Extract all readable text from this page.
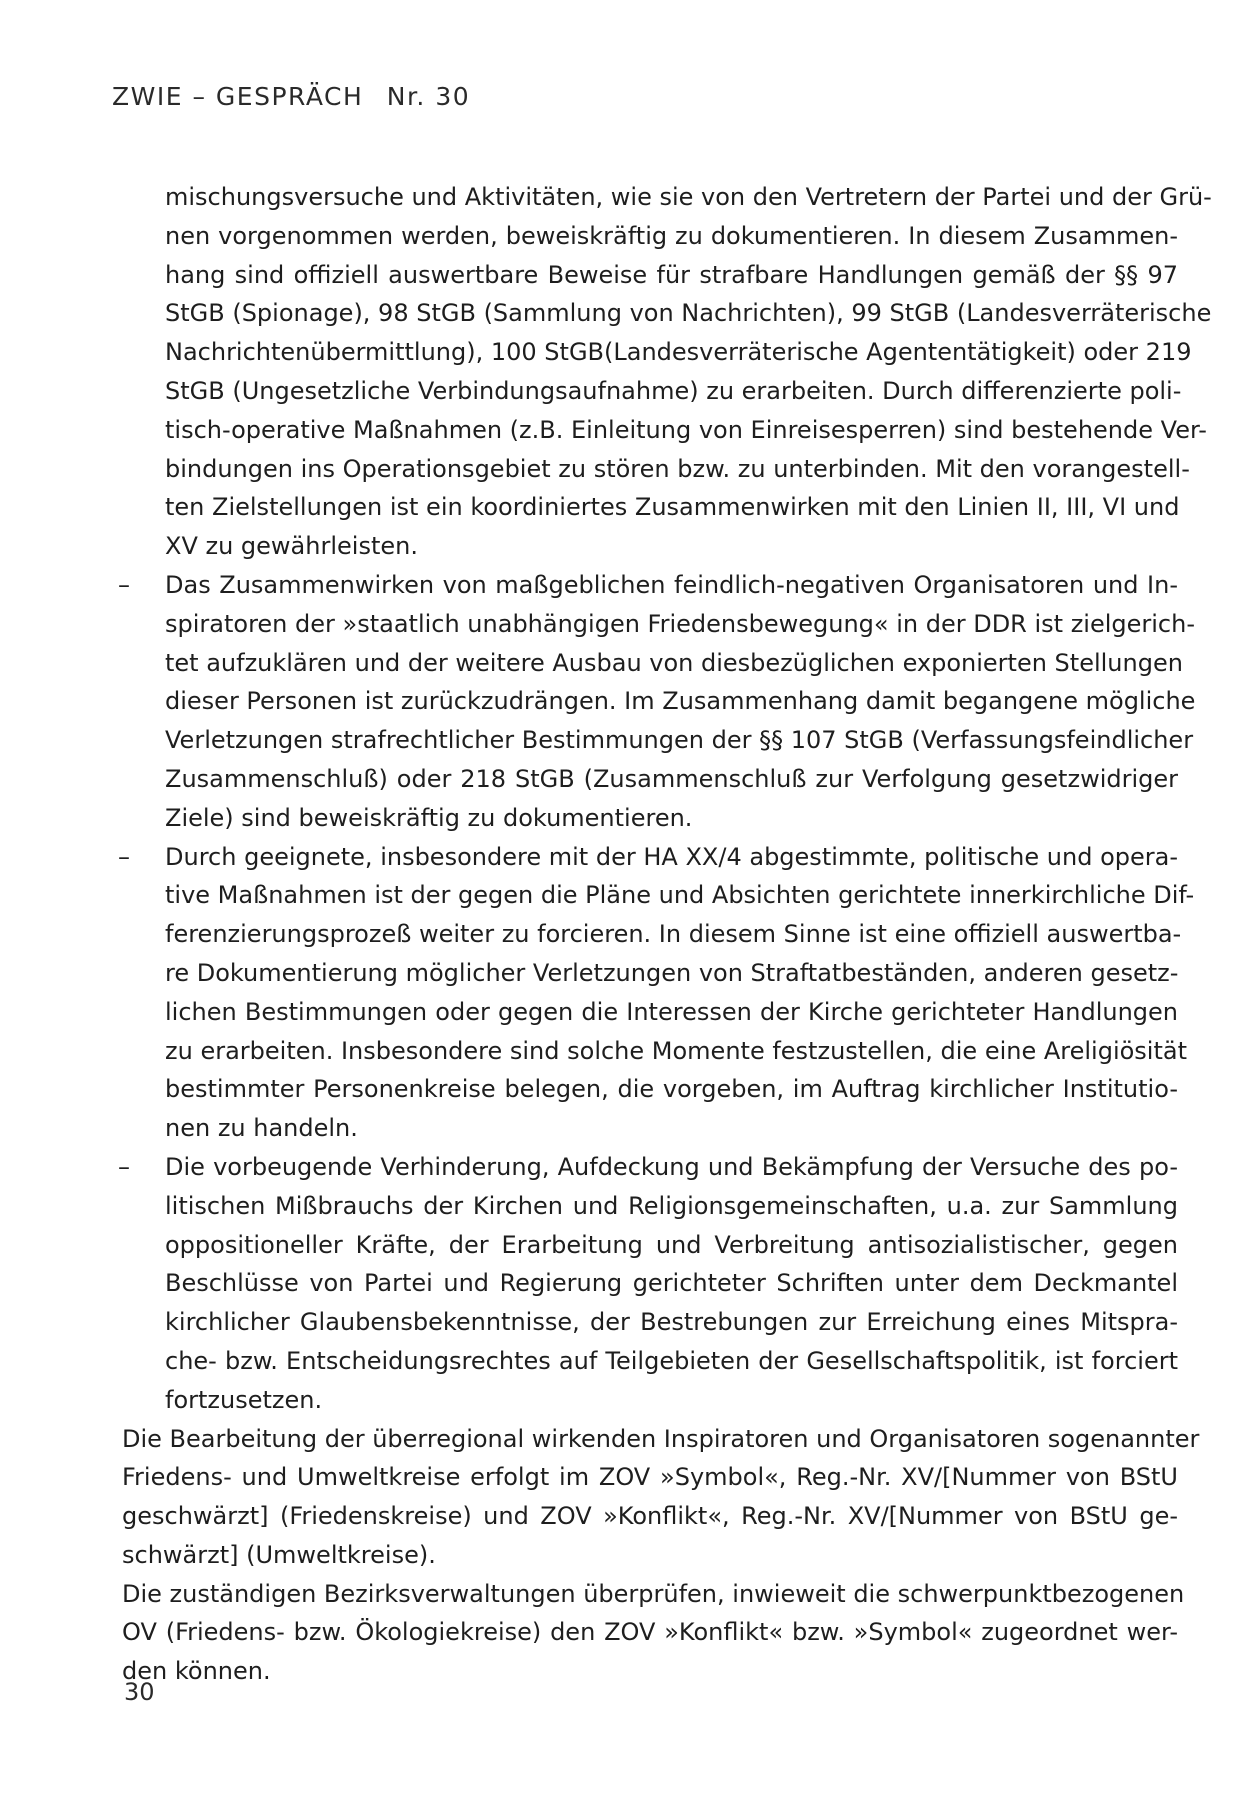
ZWIE – GESPRÄCH Nr. 30
mischungsversuche und Aktivitäten, wie sie von den Vertretern der Partei und der Grü-
nen vorgenommen werden, beweiskräftig zu dokumentieren. In diesem Zusammen-
hang sind offiziell auswertbare Beweise für strafbare Handlungen gemäß der §§ 97
StGB (Spionage), 98 StGB (Sammlung von Nachrichten), 99 StGB (Landesverräterische
Nachrichtenübermittlung), 100 StGB(Landesverräterische Agententätigkeit) oder 219
StGB (Ungesetzliche Verbindungsaufnahme) zu erarbeiten. Durch differenzierte poli-
tisch-operative Maßnahmen (z.B. Einleitung von Einreisesperren) sind bestehende Ver-
bindungen ins Operationsgebiet zu stören bzw. zu unterbinden. Mit den vorangestell-
ten Zielstellungen ist ein koordiniertes Zusammenwirken mit den Linien II, III, VI und
XV zu gewährleisten.
– Das Zusammenwirken von maßgeblichen feindlich-negativen Organisatoren und In-
spiratoren der »staatlich unabhängigen Friedensbewegung« in der DDR ist zielgerich-
tet aufzuklären und der weitere Ausbau von diesbezüglichen exponierten Stellungen
dieser Personen ist zurückzudrängen. Im Zusammenhang damit begangene mögliche
Verletzungen strafrechtlicher Bestimmungen der §§ 107 StGB (Verfassungsfeindlicher
Zusammenschluß) oder 218 StGB (Zusammenschluß zur Verfolgung gesetzwidriger
Ziele) sind beweiskräftig zu dokumentieren.
– Durch geeignete, insbesondere mit der HA XX/4 abgestimmte, politische und opera-
tive Maßnahmen ist der gegen die Pläne und Absichten gerichtete innerkirchliche Dif-
ferenzierungsprozeß weiter zu forcieren. In diesem Sinne ist eine offiziell auswertba-
re Dokumentierung möglicher Verletzungen von Straftatbeständen, anderen gesetz-
lichen Bestimmungen oder gegen die Interessen der Kirche gerichteter Handlungen
zu erarbeiten. Insbesondere sind solche Momente festzustellen, die eine Areligiösität
bestimmter Personenkreise belegen, die vorgeben, im Auftrag kirchlicher Institutio-
nen zu handeln.
– Die vorbeugende Verhinderung, Aufdeckung und Bekämpfung der Versuche des po-
litischen Mißbrauchs der Kirchen und Religionsgemeinschaften, u.a. zur Sammlung
oppositioneller Kräfte, der Erarbeitung und Verbreitung antisozialistischer, gegen
Beschlüsse von Partei und Regierung gerichteter Schriften unter dem Deckmantel
kirchlicher Glaubensbekenntnisse, der Bestrebungen zur Erreichung eines Mitspra-
che- bzw. Entscheidungsrechtes auf Teilgebieten der Gesellschaftspolitik, ist forciert
fortzusetzen.
Die Bearbeitung der überregional wirkenden Inspiratoren und Organisatoren sogenannter
Friedens- und Umweltkreise erfolgt im ZOV »Symbol«, Reg.-Nr. XV/[Nummer von BStU
geschwärzt] (Friedenskreise) und ZOV »Konflikt«, Reg.-Nr. XV/[Nummer von BStU ge-
schwärzt] (Umweltkreise).
Die zuständigen Bezirksverwaltungen überprüfen, inwieweit die schwerpunktbezogenen
OV (Friedens- bzw. Ökologiekreise) den ZOV »Konflikt« bzw. »Symbol« zugeordnet wer-
den können.
30
